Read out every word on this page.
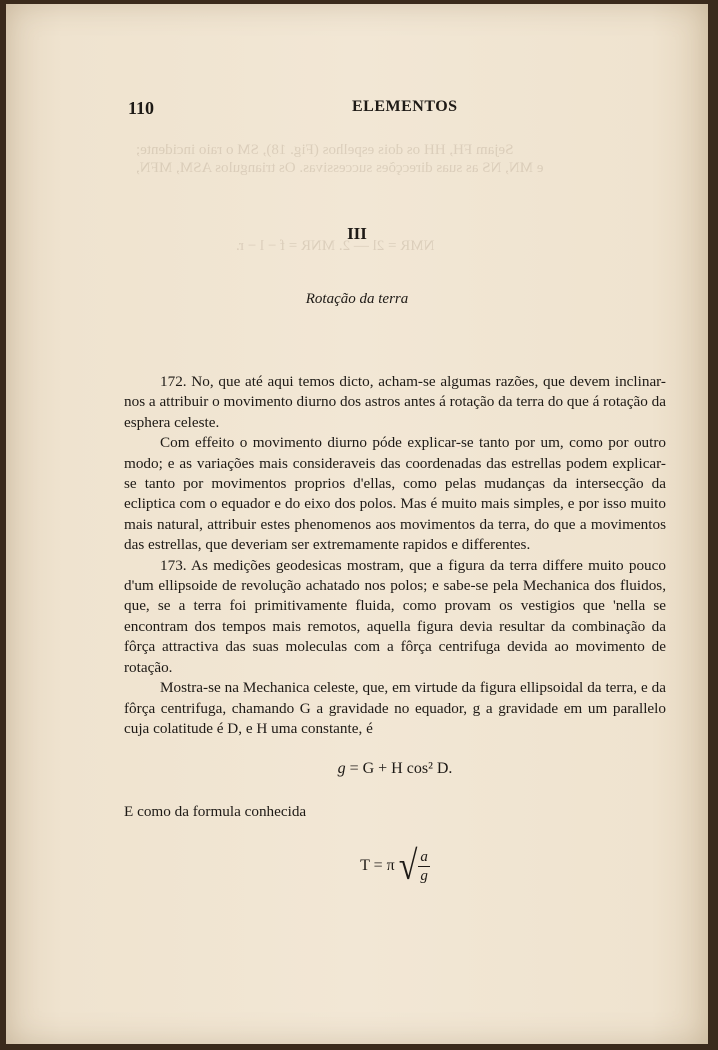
Sejam FH, HH os dois espelhos (Fig. 18), SM o raio incidente;
e MN, NS as suas direcções successivas. Os triangulos ASM, MFN,
NMR = 2l — 2. MNR = f − l − r.
110	ELEMENTOS
III
Rotação da terra

172. No, que até aqui temos dicto, acham-se algumas razões, que devem inclinar-nos a attribuir o movimento diurno dos astros antes á rotação da terra do que á rotação da esphera celeste.

Com effeito o movimento diurno póde explicar-se tanto por um, como por outro modo; e as variações mais consideraveis das coordenadas das estrellas podem explicar-se tanto por movimentos proprios d'ellas, como pelas mudanças da intersecção da ecliptica com o equador e do eixo dos polos. Mas é muito mais simples, e por isso muito mais natural, attribuir estes phenomenos aos movimentos da terra, do que a movimentos das estrellas, que deveriam ser extremamente rapidos e differentes.

173. As medições geodesicas mostram, que a figura da terra differe muito pouco d'um ellipsoide de revolução achatado nos polos; e sabe-se pela Mechanica dos fluidos, que, se a terra foi primitivamente fluida, como provam os vestigios que 'nella se encontram dos tempos mais remotos, aquella figura devia resultar da combinação da fôrça attractiva das suas moleculas com a fôrça centrifuga devida ao movimento de rotação.

Mostra-se na Mechanica celeste, que, em virtude da figura ellipsoidal da terra, e da fôrça centrifuga, chamando G a gravidade no equador, g a gravidade em um parallelo cuja colatitude é D, e H uma constante, é

g = G + H cos² D.

E como da formula conhecida

T = π √ $\frac{a}{g}$
